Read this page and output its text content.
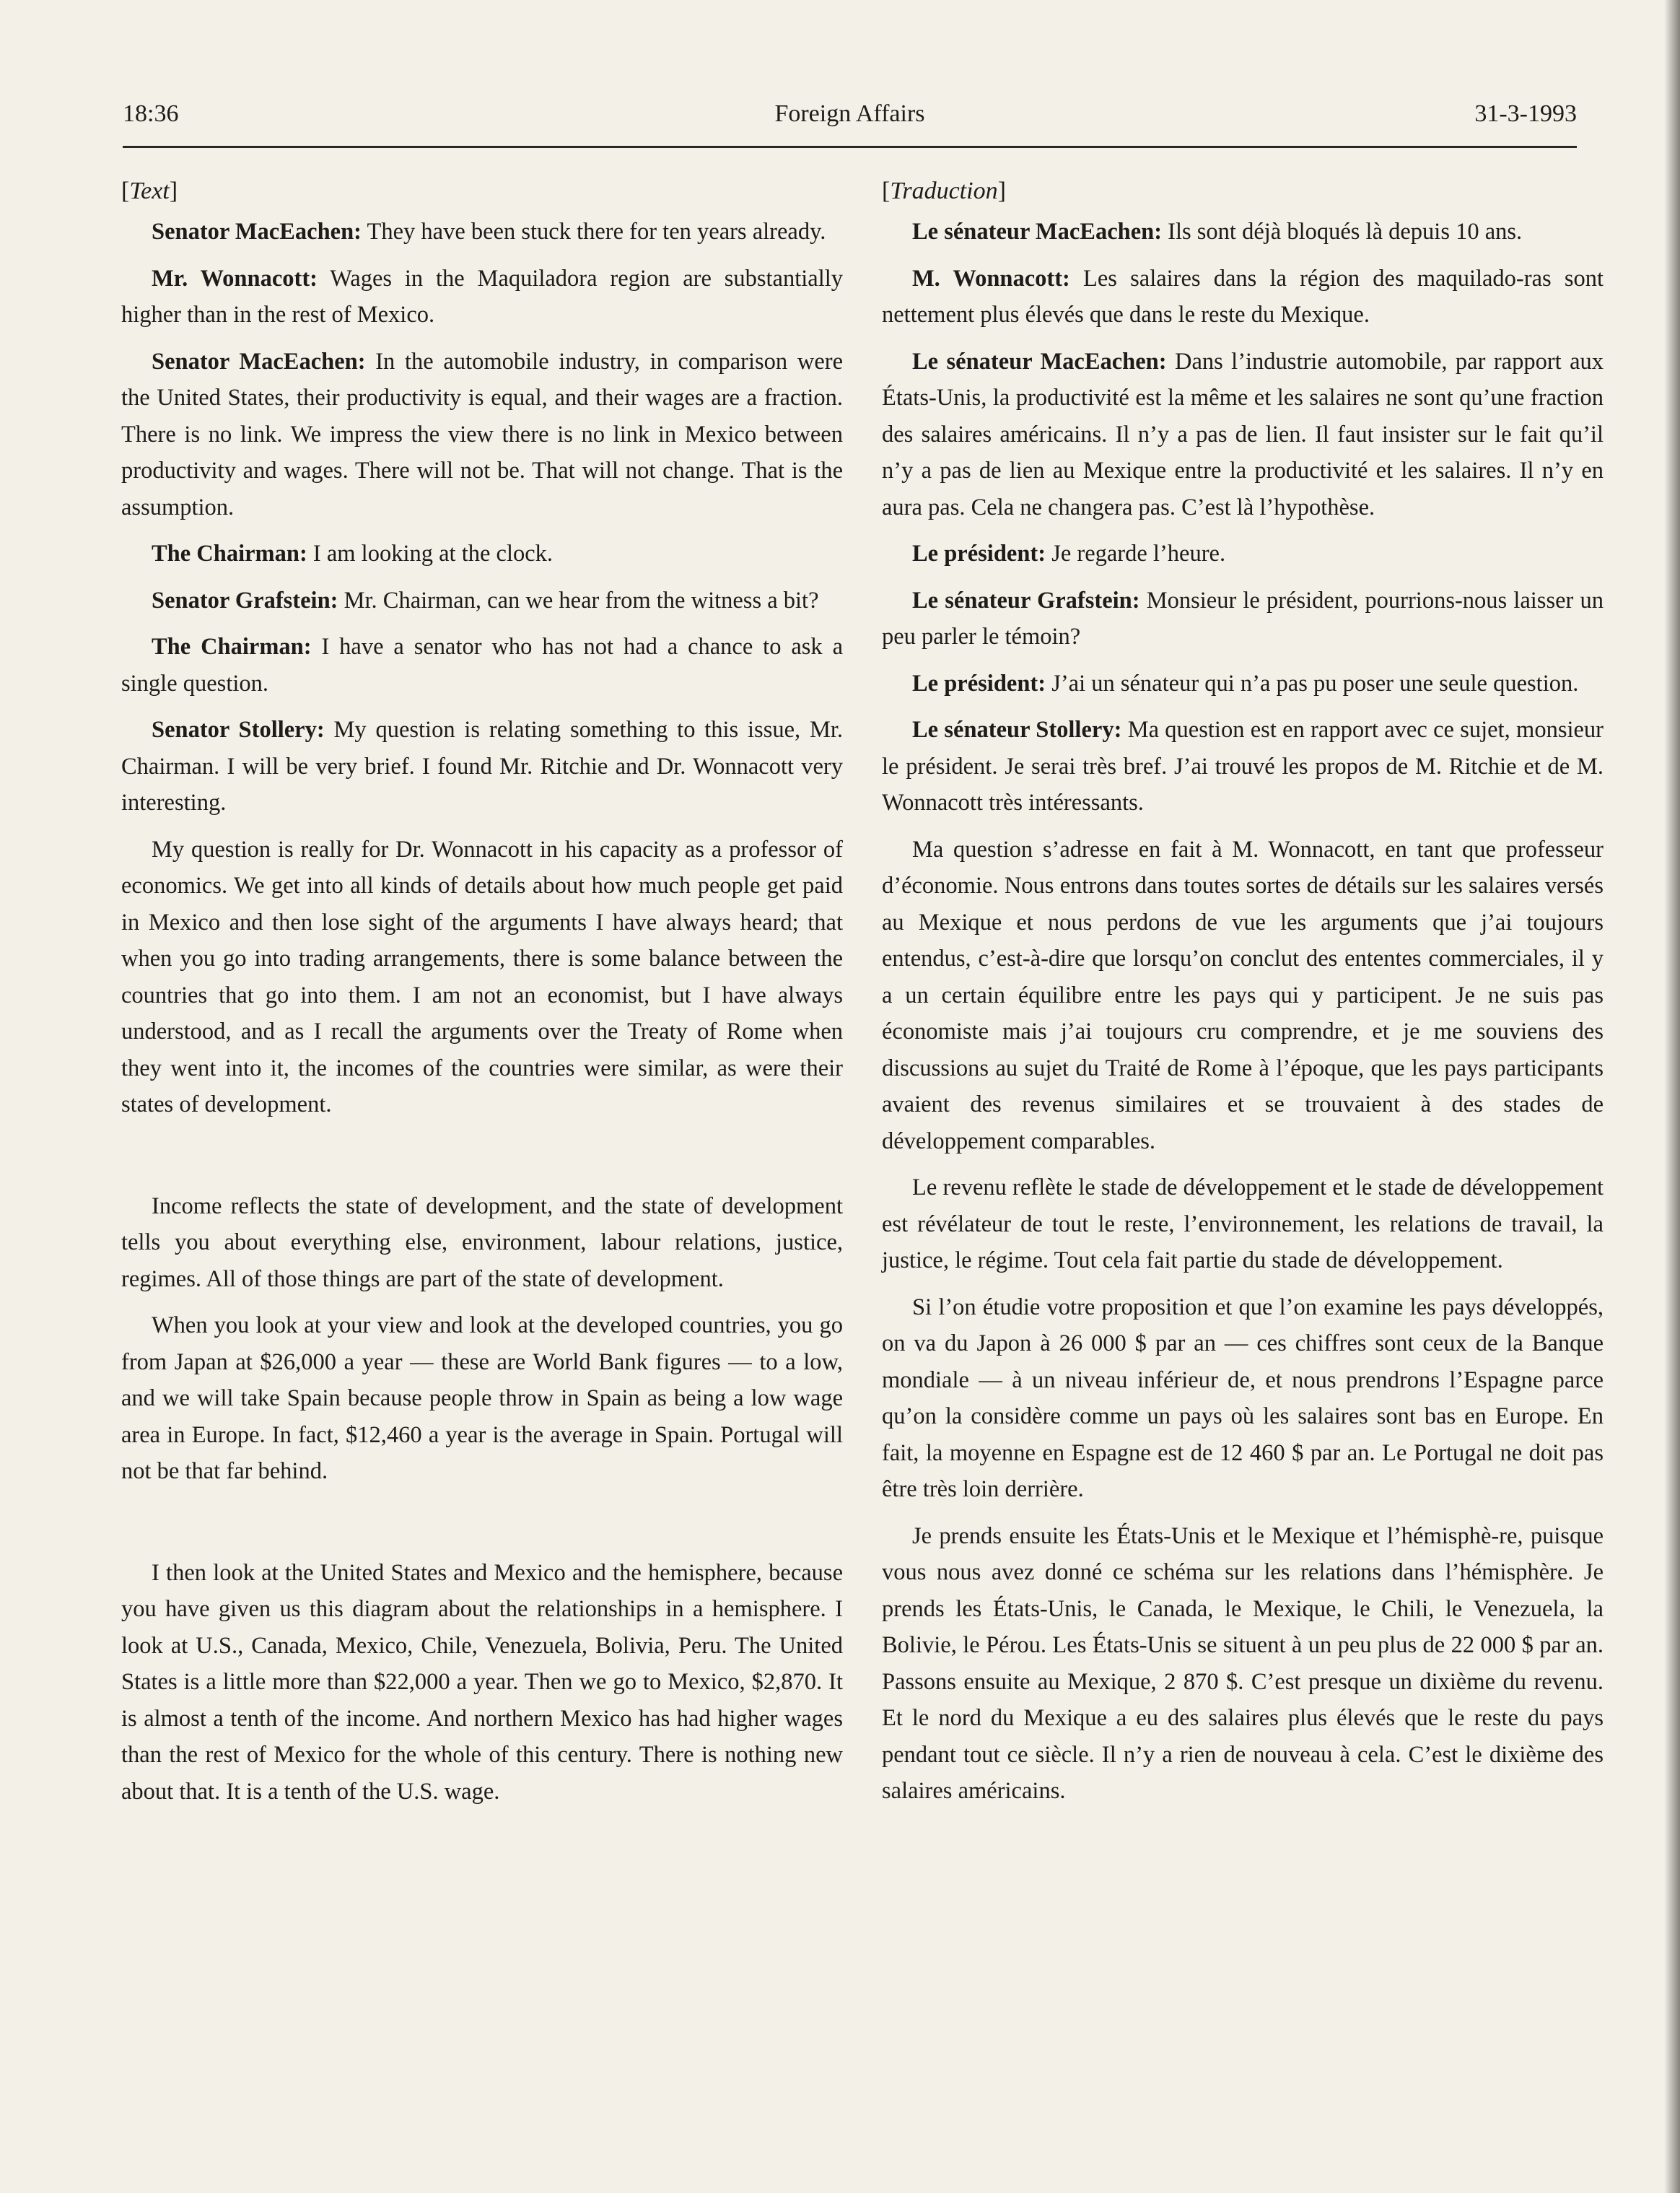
18:36	Foreign Affairs	31-3-1993
[Text]

Senator MacEachen: They have been stuck there for ten years already.

Mr. Wonnacott: Wages in the Maquiladora region are substantially higher than in the rest of Mexico.

Senator MacEachen: In the automobile industry, in comparison were the United States, their productivity is equal, and their wages are a fraction. There is no link. We impress the view there is no link in Mexico between productivity and wages. There will not be. That will not change. That is the assumption.

The Chairman: I am looking at the clock.

Senator Grafstein: Mr. Chairman, can we hear from the witness a bit?

The Chairman: I have a senator who has not had a chance to ask a single question.

Senator Stollery: My question is relating something to this issue, Mr. Chairman. I will be very brief. I found Mr. Ritchie and Dr. Wonnacott very interesting.

My question is really for Dr. Wonnacott in his capacity as a professor of economics. We get into all kinds of details about how much people get paid in Mexico and then lose sight of the arguments I have always heard; that when you go into trading arrangements, there is some balance between the countries that go into them. I am not an economist, but I have always understood, and as I recall the arguments over the Treaty of Rome when they went into it, the incomes of the countries were similar, as were their states of development.

Income reflects the state of development, and the state of development tells you about everything else, environment, labour relations, justice, regimes. All of those things are part of the state of development.

When you look at your view and look at the developed countries, you go from Japan at $26,000 a year — these are World Bank figures — to a low, and we will take Spain because people throw in Spain as being a low wage area in Europe. In fact, $12,460 a year is the average in Spain. Portugal will not be that far behind.

I then look at the United States and Mexico and the hemisphere, because you have given us this diagram about the relationships in a hemisphere. I look at U.S., Canada, Mexico, Chile, Venezuela, Bolivia, Peru. The United States is a little more than $22,000 a year. Then we go to Mexico, $2,870. It is almost a tenth of the income. And northern Mexico has had higher wages than the rest of Mexico for the whole of this century. There is nothing new about that. It is a tenth of the U.S. wage.

[Traduction]

Le sénateur MacEachen: Ils sont déjà bloqués là depuis 10 ans.

M. Wonnacott: Les salaires dans la région des maquilado-ras sont nettement plus élevés que dans le reste du Mexique.

Le sénateur MacEachen: Dans l’industrie automobile, par rapport aux États-Unis, la productivité est la même et les salaires ne sont qu’une fraction des salaires américains. Il n’y a pas de lien. Il faut insister sur le fait qu’il n’y a pas de lien au Mexique entre la productivité et les salaires. Il n’y en aura pas. Cela ne changera pas. C’est là l’hypothèse.

Le président: Je regarde l’heure.

Le sénateur Grafstein: Monsieur le président, pourrions-nous laisser un peu parler le témoin?

Le président: J’ai un sénateur qui n’a pas pu poser une seule question.

Le sénateur Stollery: Ma question est en rapport avec ce sujet, monsieur le président. Je serai très bref. J’ai trouvé les propos de M. Ritchie et de M. Wonnacott très intéressants.

Ma question s’adresse en fait à M. Wonnacott, en tant que professeur d’économie. Nous entrons dans toutes sortes de détails sur les salaires versés au Mexique et nous perdons de vue les arguments que j’ai toujours entendus, c’est-à-dire que lorsqu’on conclut des ententes commerciales, il y a un certain équilibre entre les pays qui y participent. Je ne suis pas économiste mais j’ai toujours cru comprendre, et je me souviens des discussions au sujet du Traité de Rome à l’époque, que les pays participants avaient des revenus similaires et se trouvaient à des stades de développement comparables.

Le revenu reflète le stade de développement et le stade de développement est révélateur de tout le reste, l’environnement, les relations de travail, la justice, le régime. Tout cela fait partie du stade de développement.

Si l’on étudie votre proposition et que l’on examine les pays développés, on va du Japon à 26 000 $ par an — ces chiffres sont ceux de la Banque mondiale — à un niveau inférieur de, et nous prendrons l’Espagne parce qu’on la considère comme un pays où les salaires sont bas en Europe. En fait, la moyenne en Espagne est de 12 460 $ par an. Le Portugal ne doit pas être très loin derrière.

Je prends ensuite les États-Unis et le Mexique et l’hémisphè-re, puisque vous nous avez donné ce schéma sur les relations dans l’hémisphère. Je prends les États-Unis, le Canada, le Mexique, le Chili, le Venezuela, la Bolivie, le Pérou. Les États-Unis se situent à un peu plus de 22 000 $ par an. Passons ensuite au Mexique, 2 870 $. C’est presque un dixième du revenu. Et le nord du Mexique a eu des salaires plus élevés que le reste du pays pendant tout ce siècle. Il n’y a rien de nouveau à cela. C’est le dixième des salaires américains.
